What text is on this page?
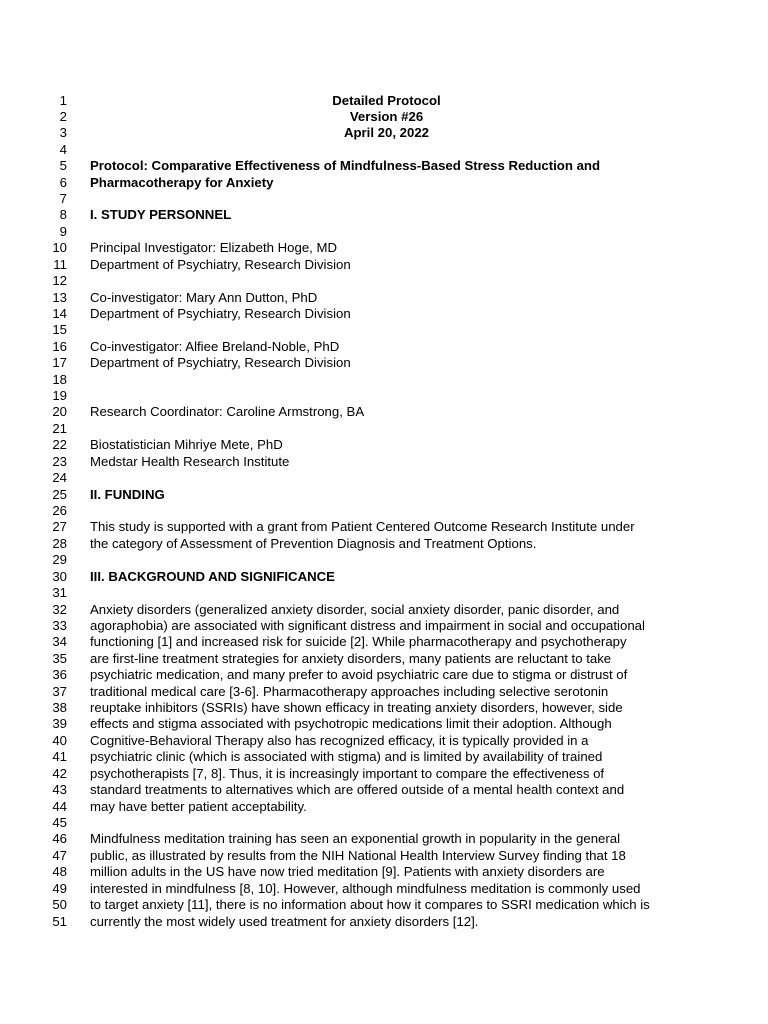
1	Detailed Protocol
2	Version #26
3	April 20, 2022
4
5 Protocol: Comparative Effectiveness of Mindfulness-Based Stress Reduction and
6 Pharmacotherapy for Anxiety
7
8 I. STUDY PERSONNEL
9
10 Principal Investigator: Elizabeth Hoge, MD
11 Department of Psychiatry, Research Division
12
13 Co-investigator: Mary Ann Dutton, PhD
14 Department of Psychiatry, Research Division
15
16 Co-investigator: Alfiee Breland-Noble, PhD
17 Department of Psychiatry, Research Division
18
19
20 Research Coordinator: Caroline Armstrong, BA
21
22 Biostatistician Mihriye Mete, PhD
23 Medstar Health Research Institute
24
25 II. FUNDING
26
27 This study is supported with a grant from Patient Centered Outcome Research Institute under
28 the category of Assessment of Prevention Diagnosis and Treatment Options.
29
30 III. BACKGROUND AND SIGNIFICANCE
31
32 Anxiety disorders (generalized anxiety disorder, social anxiety disorder, panic disorder, and
33 agoraphobia) are associated with significant distress and impairment in social and occupational
34 functioning [1] and increased risk for suicide [2]. While pharmacotherapy and psychotherapy
35 are first-line treatment strategies for anxiety disorders, many patients are reluctant to take
36 psychiatric medication, and many prefer to avoid psychiatric care due to stigma or distrust of
37 traditional medical care [3-6]. Pharmacotherapy approaches including selective serotonin
38 reuptake inhibitors (SSRIs) have shown efficacy in treating anxiety disorders, however, side
39 effects and stigma associated with psychotropic medications limit their adoption. Although
40 Cognitive-Behavioral Therapy also has recognized efficacy, it is typically provided in a
41 psychiatric clinic (which is associated with stigma) and is limited by availability of trained
42 psychotherapists [7, 8]. Thus, it is increasingly important to compare the effectiveness of
43 standard treatments to alternatives which are offered outside of a mental health context and
44 may have better patient acceptability.
45
46 Mindfulness meditation training has seen an exponential growth in popularity in the general
47 public, as illustrated by results from the NIH National Health Interview Survey finding that 18
48 million adults in the US have now tried meditation [9]. Patients with anxiety disorders are
49 interested in mindfulness [8, 10]. However, although mindfulness meditation is commonly used
50 to target anxiety [11], there is no information about how it compares to SSRI medication which is
51 currently the most widely used treatment for anxiety disorders [12].
